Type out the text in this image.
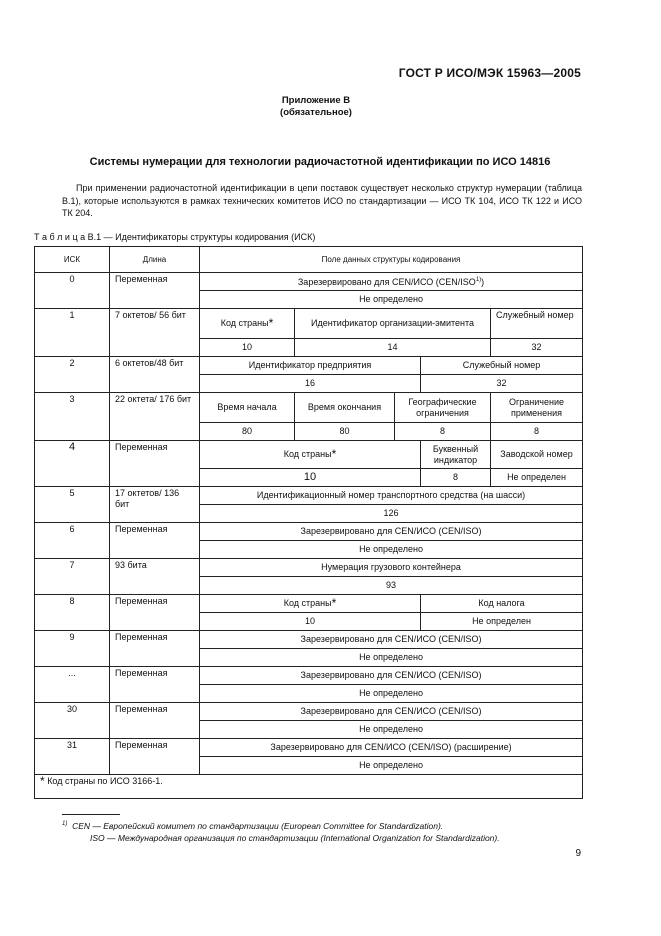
ГОСТ Р ИСО/МЭК 15963—2005
Приложение В
(обязательное)
Системы нумерации для технологии радиочастотной идентификации по ИСО 14816

При применении радиочастотной идентификации в цепи поставок существует несколько структур нумерации (таблица В.1), которые используются в рамках технических комитетов ИСО по стандартизации — ИСО ТК 104, ИСО ТК 122 и ИСО ТК 204.

Т а б л и ц а В.1 — Идентификаторы структуры кодирования (ИСК)
ИСК	Длина	Поле данных структуры кодирования				
0	Переменная	Зарезервировано для CEN/ИСО (CEN/ISO$^{1)}$)				
		Не определено				
1	7 октетов/ 56 бит	Код страны*	Идентификатор организации-эмитента			Служебный номер
		10	14			32
2	6 октетов/48 бит	Идентификатор предприятия			Служебный номер	
		16			32	
3	22 октета/ 176 бит	Время начала	Время окончания	Географические ограничения		Ограничение применения
		80	80	8		8
4	Переменная	Код страны*			Буквенный индикатор	Заводской номер
		10			8	Не определен
5	17 октетов/ 136 бит	Идентификационный номер транспортного средства (на шасси)				
		126				
6	Переменная	Зарезервировано для CEN/ИСО (CEN/ISO)				
		Не определено				
7	93 бита	Нумерация грузового контейнера				
		93				
8	Переменная	Код страны*			Код налога	
		10			Не определен	
9	Переменная	Зарезервировано для CEN/ИСО (CEN/ISO)				
		Не определено				
...	Переменная	Зарезервировано для CEN/ИСО (CEN/ISO)				
		Не определено				
30	Переменная	Зарезервировано для CEN/ИСО (CEN/ISO)				
		Не определено				
31	Переменная	Зарезервировано для CEN/ИСО (CEN/ISO) (расширение)				
		Не определено				
* Код страны по ИСО 3166-1.						
$^{1)}$ CEN — Европейский комитет по стандартизации (European Committee for Standardization).
ISO — Международная организация по стандартизации (International Organization for Standardization).
9
